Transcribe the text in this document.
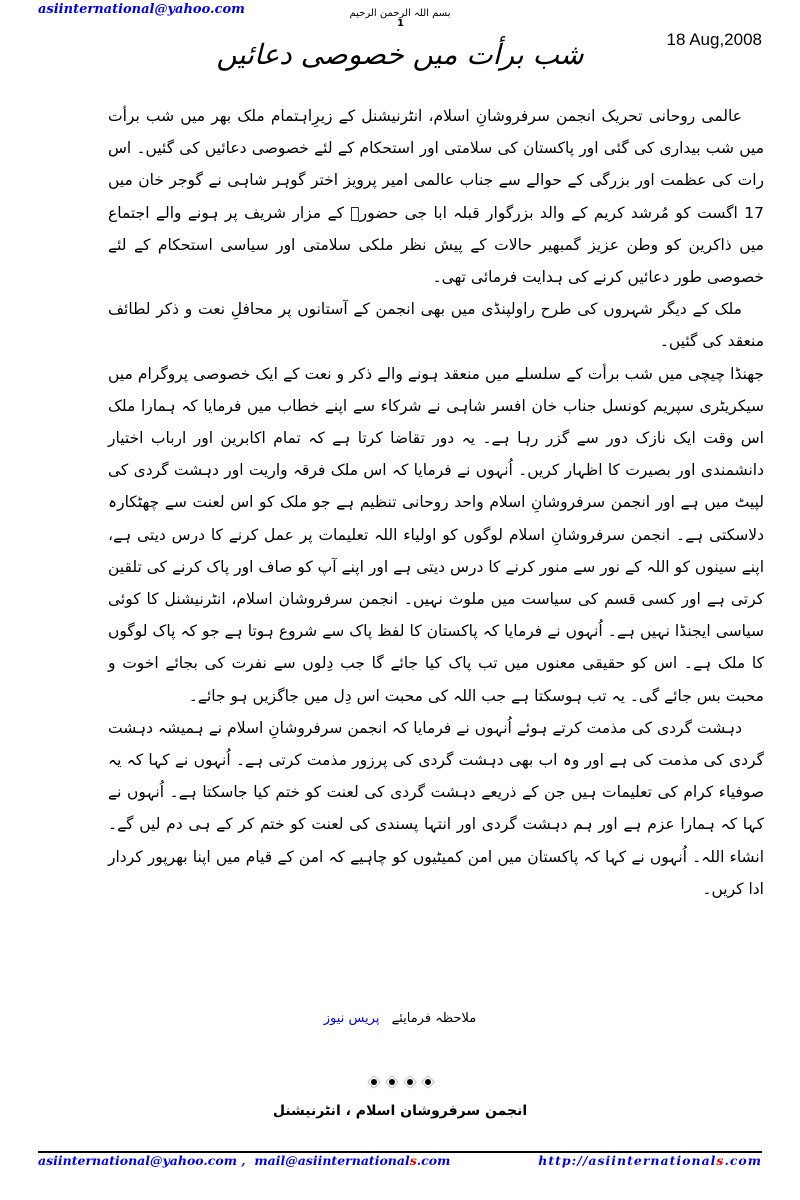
asiinternational@yahoo.com	بسم اللہ الرحمن الرحیم
1
18 Aug,2008
شب برأت میں خصوصی دعائیں

عالمی روحانی تحریک انجمن سرفروشانِ اسلام، انٹرنیشنل کے زیرِاہتمام ملک بھر میں شب برأت میں شب بیداری کی گئی اور پاکستان کی سلامتی اور استحکام کے لئے خصوصی دعائیں کی گئیں۔ اس رات کی عظمت اور بزرگی کے حوالے سے جناب عالمی امیر پرویز اختر گوہر شاہی نے گوجر خان میں 17 اگست کو مُرشد کریم کے والد بزرگوار قبلہ ابا جی حضورؒ کے مزار شریف پر ہونے والے اجتماع میں ذاکرین کو وطن عزیز گمبھیر حالات کے پیش نظر ملکی سلامتی اور سیاسی استحکام کے لئے خصوصی طور دعائیں کرنے کی ہدایت فرمائی تھی۔

ملک کے دیگر شہروں کی طرح راولپنڈی میں بھی انجمن کے آستانوں پر محافلِ نعت و ذکر لطائف منعقد کی گئیں۔

جھنڈا چیچی میں شب برأت کے سلسلے میں منعقد ہونے والے ذکر و نعت کے ایک خصوصی پروگرام میں سیکریٹری سپریم کونسل جناب خان افسر شاہی نے شرکاء سے اپنے خطاب میں فرمایا کہ ہمارا ملک اس وقت ایک نازک دور سے گزر رہا ہے۔ یہ دور تقاضا کرتا ہے کہ تمام اکابرین اور ارباب اختیار دانشمندی اور بصیرت کا اظہار کریں۔ اُنہوں نے فرمایا کہ اس ملک فرقہ واریت اور دہشت گردی کی لپیٹ میں ہے اور انجمن سرفروشانِ اسلام واحد روحانی تنظیم ہے جو ملک کو اس لعنت سے چھٹکارہ دلاسکتی ہے۔ انجمن سرفروشانِ اسلام لوگوں کو اولیاء اللہ تعلیمات پر عمل کرنے کا درس دیتی ہے، اپنے سینوں کو اللہ کے نور سے منور کرنے کا درس دیتی ہے اور اپنے آپ کو صاف اور پاک کرنے کی تلقین کرتی ہے اور کسی قسم کی سیاست میں ملوث نہیں۔ انجمن سرفروشان اسلام، انٹرنیشنل کا کوئی سیاسی ایجنڈا نہیں ہے۔ اُنہوں نے فرمایا کہ پاکستان کا لفظ پاک سے شروع ہوتا ہے جو کہ پاک لوگوں کا ملک ہے۔ اس کو حقیقی معنوں میں تب پاک کیا جائے گا جب دِلوں سے نفرت کی بجائے اخوت و محبت بس جائے گی۔ یہ تب ہوسکتا ہے جب اللہ کی محبت اس دِل میں جاگزیں ہو جائے۔

دہشت گردی کی مذمت کرتے ہوئے اُنہوں نے فرمایا کہ انجمن سرفروشانِ اسلام نے ہمیشہ دہشت گردی کی مذمت کی ہے اور وہ اب بھی دہشت گردی کی پرزور مذمت کرتی ہے۔ اُنہوں نے کہا کہ یہ صوفیاء کرام کی تعلیمات ہیں جن کے ذریعے دہشت گردی کی لعنت کو ختم کیا جاسکتا ہے۔ اُنہوں نے کہا کہ ہمارا عزم ہے اور ہم دہشت گردی اور انتہا پسندی کی لعنت کو ختم کر کے ہی دم لیں گے۔ انشاء اللہ۔ اُنہوں نے کہا کہ پاکستان میں امن کمیٹیوں کو چاہیے کہ امن کے قیام میں اپنا بھرپور کردار ادا کریں۔

ملاحظہ فرمایئے پریس نیوز
انجمن سرفروشان اسلام ، انٹرنیشنل
asiinternational@yahoo.com ,  mail@asiinternationals.com	http://asiinternationals.com
